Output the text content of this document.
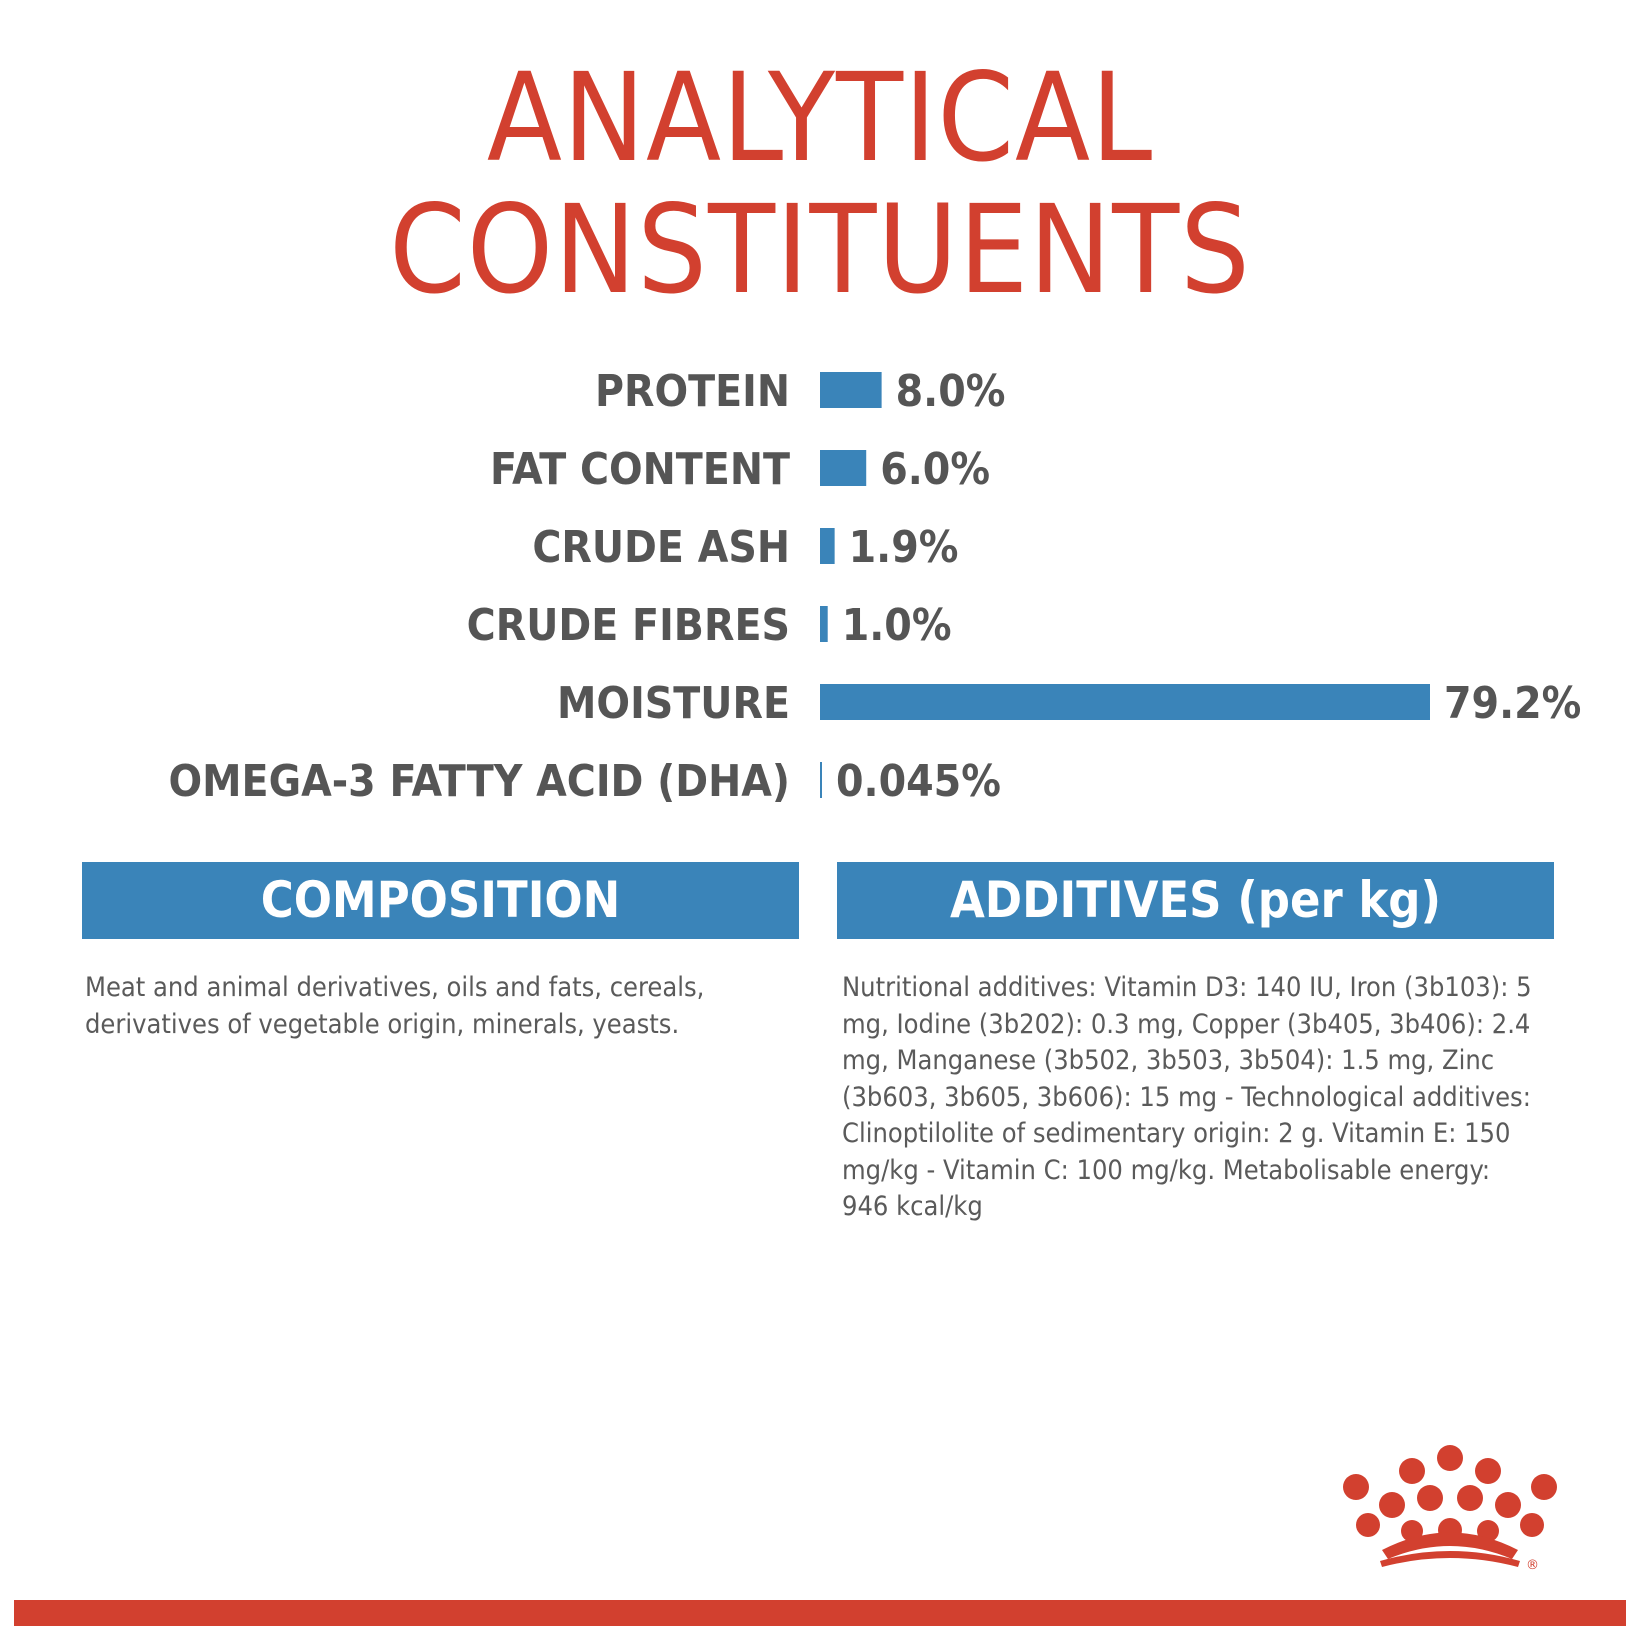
ANALYTICAL
CONSTITUENTS
PROTEIN 8.0%
FAT CONTENT 6.0%
CRUDE ASH 1.9%
CRUDE FIBRES 1.0%
MOISTURE	79.2%
OMEGA-3 FATTY ACID (DHA) 0.045%
COMPOSITION	ADDITIVES (per kg)

Meat and animal derivatives, oils and fats, cereals, derivatives of vegetable origin, minerals, yeasts.

Nutritional additives: Vitamin D3: 140 IU, Iron (3b103): 5 mg, Iodine (3b202): 0.3 mg, Copper (3b405, 3b406): 2.4 mg, Manganese (3b502, 3b503, 3b504): 1.5 mg, Zinc (3b603, 3b605, 3b606): 15 mg - Technological additives: Clinoptilolite of sedimentary origin: 2 g. Vitamin E: 150 mg/kg - Vitamin C: 100 mg/kg. Metabolisable energy: 946 kcal/kg

®
